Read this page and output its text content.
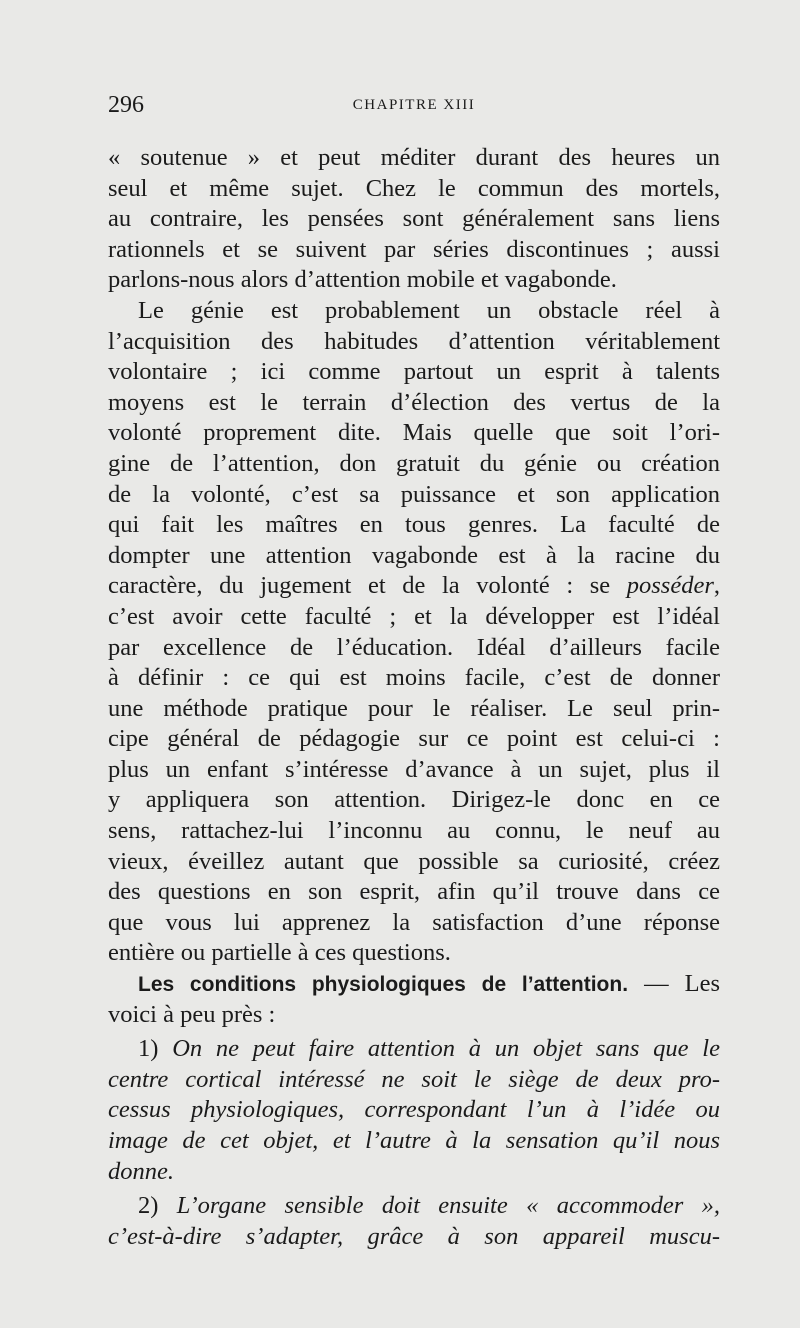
296	CHAPITRE XIII
« soutenue » et peut méditer durant des heures un
seul et même sujet. Chez le commun des mortels,
au contraire, les pensées sont généralement sans liens
rationnels et se suivent par séries discontinues ; aussi
parlons-nous alors d’attention mobile et vagabonde.
Le génie est probablement un obstacle réel à
l’acquisition des habitudes d’attention véritablement
volontaire ; ici comme partout un esprit à talents
moyens est le terrain d’élection des vertus de la
volonté proprement dite. Mais quelle que soit l’ori-
gine de l’attention, don gratuit du génie ou création
de la volonté, c’est sa puissance et son application
qui fait les maîtres en tous genres. La faculté de
dompter une attention vagabonde est à la racine du
caractère, du jugement et de la volonté : se posséder,
c’est avoir cette faculté ; et la développer est l’idéal
par excellence de l’éducation. Idéal d’ailleurs facile
à définir : ce qui est moins facile, c’est de donner
une méthode pratique pour le réaliser. Le seul prin-
cipe général de pédagogie sur ce point est celui-ci :
plus un enfant s’intéresse d’avance à un sujet, plus il
y appliquera son attention. Dirigez-le donc en ce
sens, rattachez-lui l’inconnu au connu, le neuf au
vieux, éveillez autant que possible sa curiosité, créez
des questions en son esprit, afin qu’il trouve dans ce
que vous lui apprenez la satisfaction d’une réponse
entière ou partielle à ces questions.
Les conditions physiologiques de l’attention. — Les
voici à peu près :
1) On ne peut faire attention à un objet sans que le
centre cortical intéressé ne soit le siège de deux pro-
cessus physiologiques, correspondant l’un à l’idée ou
image de cet objet, et l’autre à la sensation qu’il nous
donne.
2) L’organe sensible doit ensuite « accommoder »,
c’est-à-dire s’adapter, grâce à son appareil muscu-
